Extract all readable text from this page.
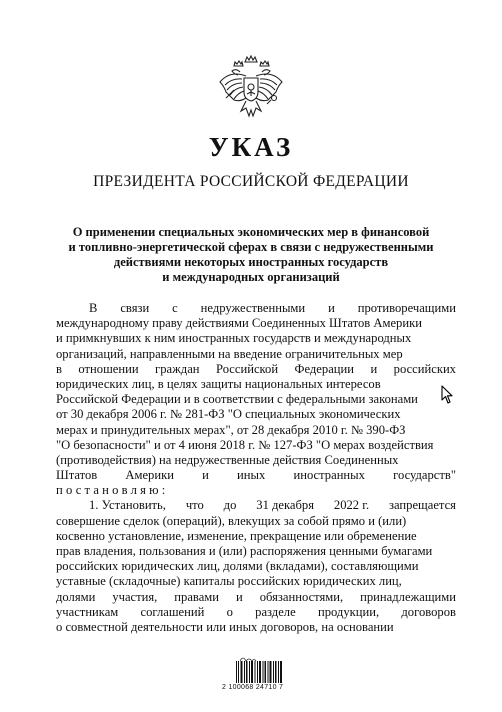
УКАЗ
ПРЕЗИДЕНТА РОССИЙСКОЙ ФЕДЕРАЦИИ
О применении специальных экономических мер в финансовой
и топливно-энергетической сферах в связи с недружественными
действиями некоторых иностранных государств
и международных организаций
В связи с недружественными и противоречащими
международному праву действиями Соединенных Штатов Америки
и примкнувших к ним иностранных государств и международных
организаций, направленными на введение ограничительных мер
в отношении граждан Российской Федерации и российских
юридических лиц, в целях защиты национальных интересов
Российской Федерации и в соответствии с федеральными законами
от 30 декабря 2006 г. № 281-ФЗ "О специальных экономических
мерах и принудительных мерах", от 28 декабря 2010 г. № 390-ФЗ
"О безопасности" и от 4 июня 2018 г. № 127-ФЗ "О мерах воздействия
(противодействия) на недружественные действия Соединенных
Штатов Америки и иных иностранных государств"
постановляю:
1. Установить, что до 31 декабря 2022 г. запрещается
совершение сделок (операций), влекущих за собой прямо и (или)
косвенно установление, изменение, прекращение или обременение
прав владения, пользования и (или) распоряжения ценными бумагами
российских юридических лиц, долями (вкладами), составляющими
уставные (складочные) капиталы российских юридических лиц,
долями участия, правами и обязанностями, принадлежащими
участникам соглашений о разделе продукции, договоров
о совместной деятельности или иных договоров, на основании
2 100068 24710 7
